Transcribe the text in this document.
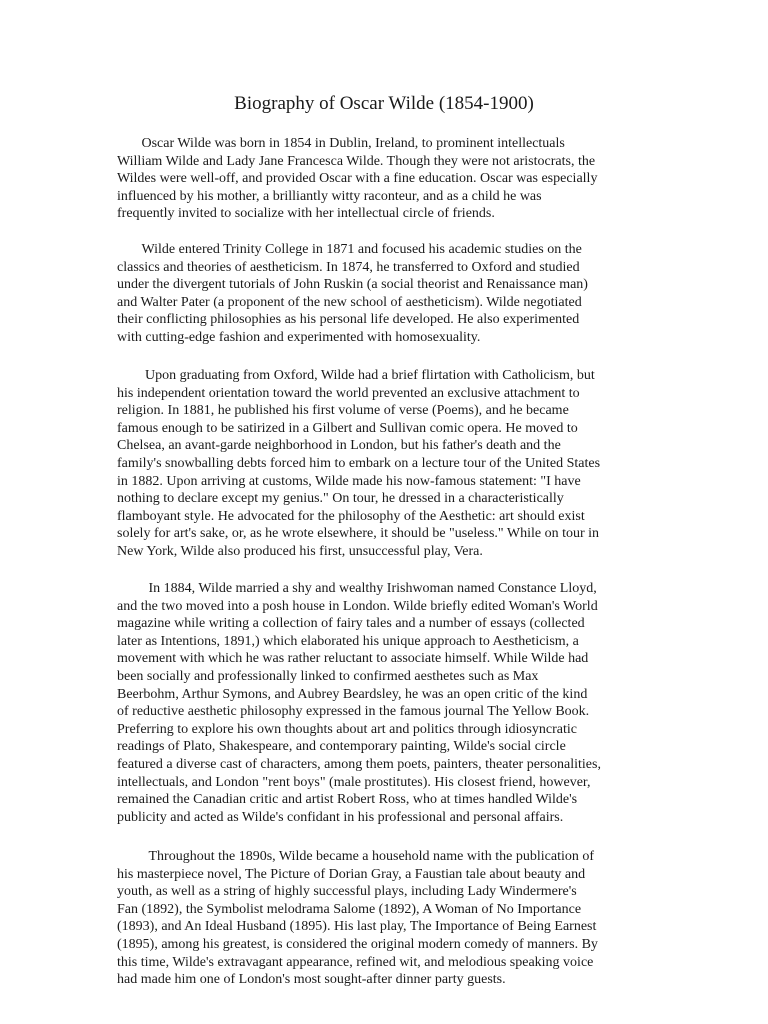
Biography of Oscar Wilde (1854-1900)

Oscar Wilde was born in 1854 in Dublin, Ireland, to prominent intellectuals
William Wilde and Lady Jane Francesca Wilde. Though they were not aristocrats, the
Wildes were well-off, and provided Oscar with a fine education. Oscar was especially
influenced by his mother, a brilliantly witty raconteur, and as a child he was
frequently invited to socialize with her intellectual circle of friends.

Wilde entered Trinity College in 1871 and focused his academic studies on the
classics and theories of aestheticism. In 1874, he transferred to Oxford and studied
under the divergent tutorials of John Ruskin (a social theorist and Renaissance man)
and Walter Pater (a proponent of the new school of aestheticism). Wilde negotiated
their conflicting philosophies as his personal life developed. He also experimented
with cutting-edge fashion and experimented with homosexuality.

Upon graduating from Oxford, Wilde had a brief flirtation with Catholicism, but
his independent orientation toward the world prevented an exclusive attachment to
religion. In 1881, he published his first volume of verse (Poems), and he became
famous enough to be satirized in a Gilbert and Sullivan comic opera. He moved to
Chelsea, an avant-garde neighborhood in London, but his father's death and the
family's snowballing debts forced him to embark on a lecture tour of the United States
in 1882. Upon arriving at customs, Wilde made his now-famous statement: "I have
nothing to declare except my genius." On tour, he dressed in a characteristically
flamboyant style. He advocated for the philosophy of the Aesthetic: art should exist
solely for art's sake, or, as he wrote elsewhere, it should be "useless." While on tour in
New York, Wilde also produced his first, unsuccessful play, Vera.

In 1884, Wilde married a shy and wealthy Irishwoman named Constance Lloyd,
and the two moved into a posh house in London. Wilde briefly edited Woman's World
magazine while writing a collection of fairy tales and a number of essays (collected
later as Intentions, 1891,) which elaborated his unique approach to Aestheticism, a
movement with which he was rather reluctant to associate himself. While Wilde had
been socially and professionally linked to confirmed aesthetes such as Max
Beerbohm, Arthur Symons, and Aubrey Beardsley, he was an open critic of the kind
of reductive aesthetic philosophy expressed in the famous journal The Yellow Book.
Preferring to explore his own thoughts about art and politics through idiosyncratic
readings of Plato, Shakespeare, and contemporary painting, Wilde's social circle
featured a diverse cast of characters, among them poets, painters, theater personalities,
intellectuals, and London "rent boys" (male prostitutes). His closest friend, however,
remained the Canadian critic and artist Robert Ross, who at times handled Wilde's
publicity and acted as Wilde's confidant in his professional and personal affairs.

Throughout the 1890s, Wilde became a household name with the publication of
his masterpiece novel, The Picture of Dorian Gray, a Faustian tale about beauty and
youth, as well as a string of highly successful plays, including Lady Windermere's
Fan (1892), the Symbolist melodrama Salome (1892), A Woman of No Importance
(1893), and An Ideal Husband (1895). His last play, The Importance of Being Earnest
(1895), among his greatest, is considered the original modern comedy of manners. By
this time, Wilde's extravagant appearance, refined wit, and melodious speaking voice
had made him one of London's most sought-after dinner party guests.
